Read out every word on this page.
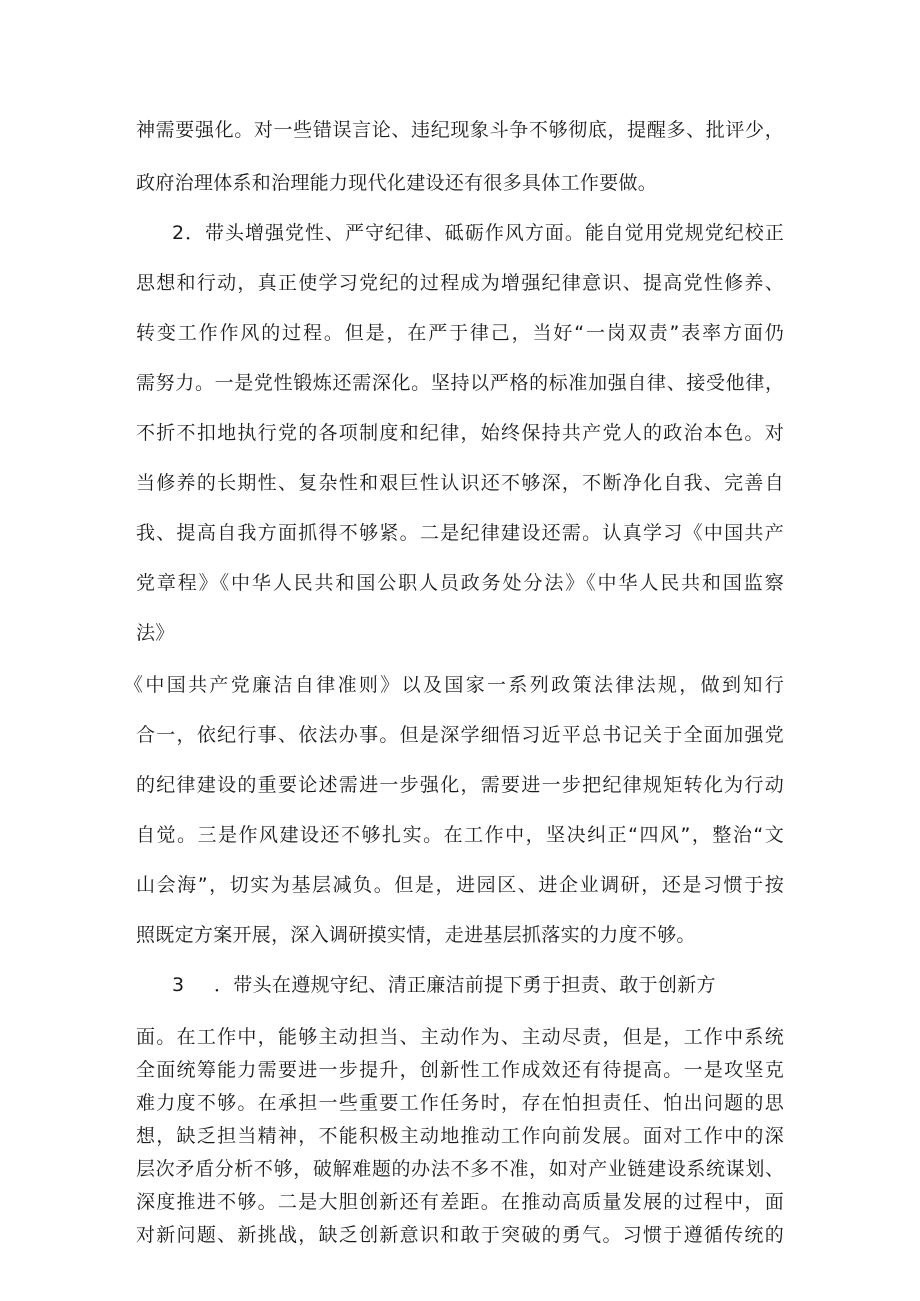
神需要强化。对一些错误言论、违纪现象斗争不够彻底，提醒多、批评少，

政府治理体系和治理能力现代化建设还有很多具体工作要做。

2．带头增强党性、严守纪律、砥砺作风方面。能自觉用党规党纪校正

思想和行动，真正使学习党纪的过程成为增强纪律意识、提高党性修养、

转变工作作风的过程。但是，在严于律己，当好“一岗双责”表率方面仍

需努力。一是党性锻炼还需深化。坚持以严格的标准加强自律、接受他律，

不折不扣地执行党的各项制度和纪律，始终保持共产党人的政治本色。对

当修养的长期性、复杂性和艰巨性认识还不够深，不断净化自我、完善自

我、提高自我方面抓得不够紧。二是纪律建设还需。认真学习《中国共产

党章程》《中华人民共和国公职人员政务处分法》《中华人民共和国监察

法》

《中国共产党廉洁自律准则》以及国家一系列政策法律法规，做到知行

合一，依纪行事、依法办事。但是深学细悟习近平总书记关于全面加强党

的纪律建设的重要论述需进一步强化，需要进一步把纪律规矩转化为行动

自觉。三是作风建设还不够扎实。在工作中，坚决纠正“四风”，整治“文

山会海”，切实为基层减负。但是，进园区、进企业调研，还是习惯于按

照既定方案开展，深入调研摸实情，走进基层抓落实的力度不够。

3 ．带头在遵规守纪、清正廉洁前提下勇于担责、敢于创新方

面。在工作中，能够主动担当、主动作为、主动尽责，但是，工作中系统

全面统筹能力需要进一步提升，创新性工作成效还有待提高。一是攻坚克

难力度不够。在承担一些重要工作任务时，存在怕担责任、怕出问题的思

想，缺乏担当精神，不能积极主动地推动工作向前发展。面对工作中的深

层次矛盾分析不够，破解难题的办法不多不准，如对产业链建设系统谋划、

深度推进不够。二是大胆创新还有差距。在推动高质量发展的过程中，面

对新问题、新挑战，缺乏创新意识和敢于突破的勇气。习惯于遵循传统的
